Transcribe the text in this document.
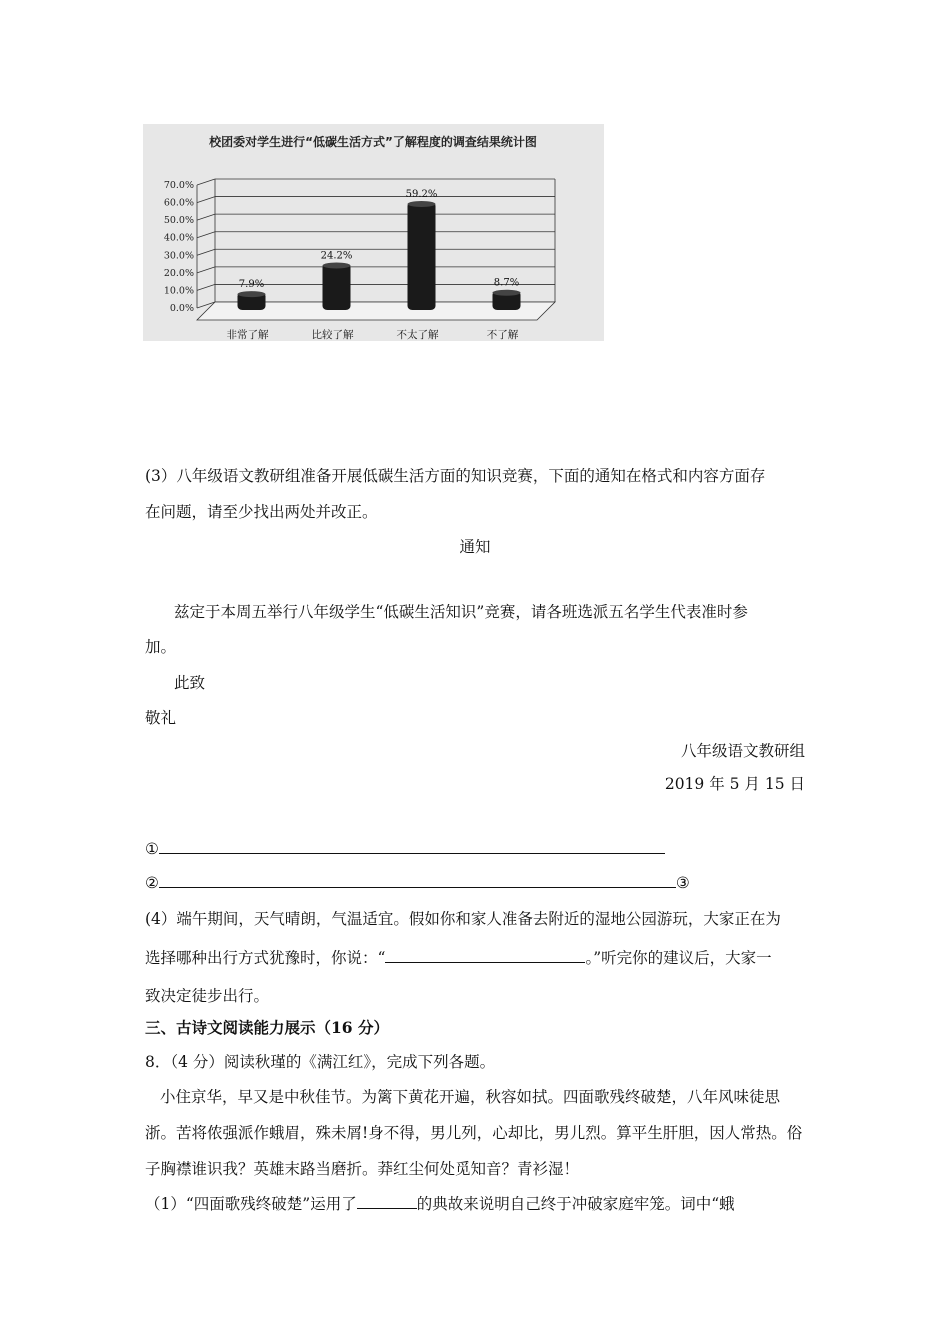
校团委对学生进行“低碳生活方式”了解程度的调查结果统计图
0.0%
10.0%
20.0%
30.0%
40.0%
50.0%
60.0%
70.0%
7.9%
24.2%
59.2%
8.7%
非常了解	比较了解	不太了解	不了解
(3）八年级语文教研组准备开展低碳生活方面的知识竞赛，下面的通知在格式和内容方面存
在问题，请至少找出两处并改正。
通知
兹定于本周五举行八年级学生“低碳生活知识”竞赛，请各班选派五名学生代表准时参
加。
此致
敬礼
八年级语文教研组
2019 年 5 月 15 日
①
②	③
(4）端午期间，天气晴朗，气温适宜。假如你和家人准备去附近的湿地公园游玩，大家正在为
选择哪种出行方式犹豫时，你说：“	。”听完你的建议后，大家一
致决定徒步出行。
三、古诗文阅读能力展示（16 分）
8．（4 分）阅读秋瑾的《满江红》，完成下列各题。
小住京华，早又是中秋佳节。为篱下黄花开遍，秋容如拭。四面歌残终破楚，八年风味徒思
浙。苦将侬强派作蛾眉，殊未屑!身不得，男儿列，心却比，男儿烈。算平生肝胆，因人常热。俗
子胸襟谁识我？英雄末路当磨折。莽红尘何处觅知音？青衫湿！
（1）“四面歌残终破楚”运用了	的典故来说明自己终于冲破家庭牢笼。词中“蛾
